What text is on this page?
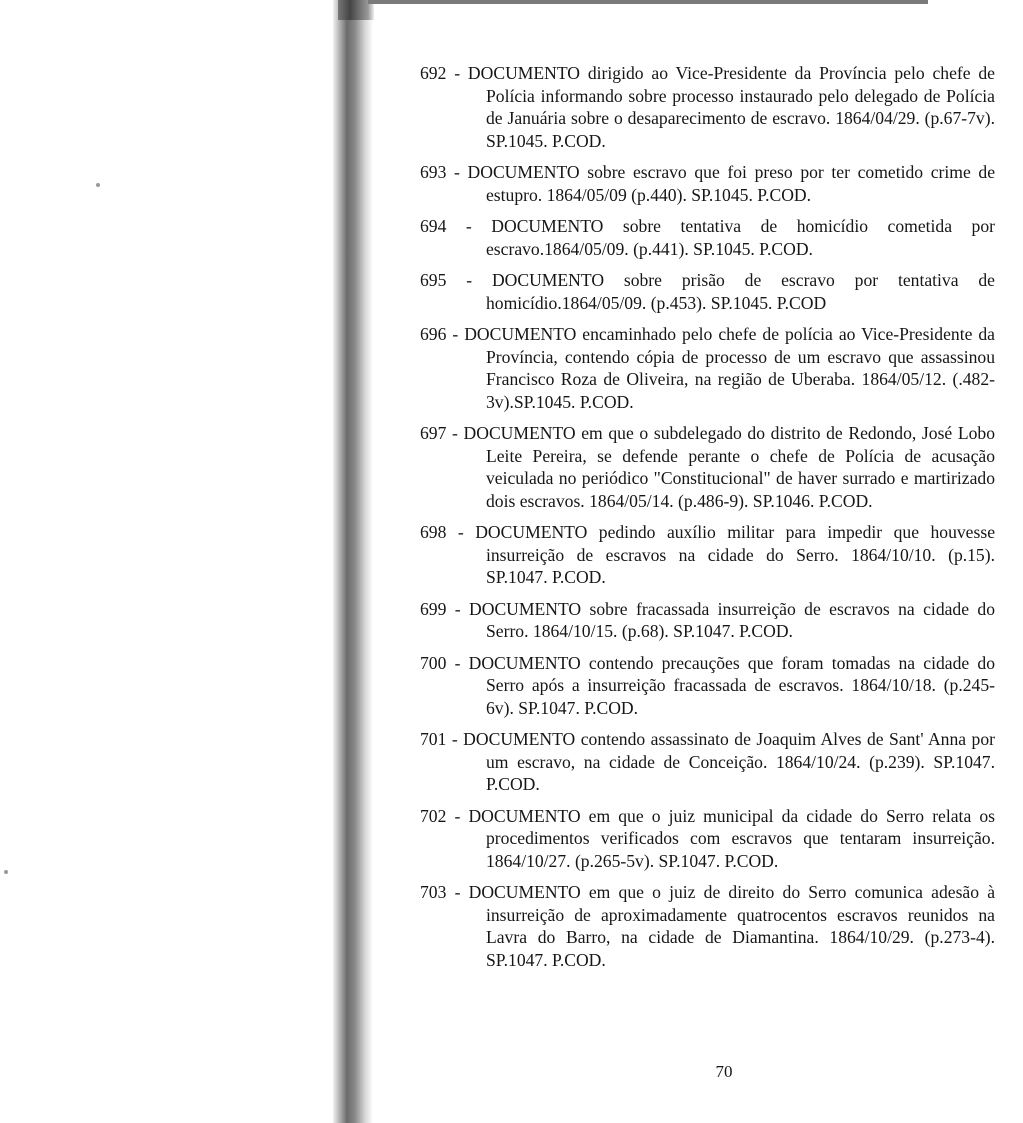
692 - DOCUMENTO dirigido ao Vice-Presidente da Província pelo chefe de Polícia informando sobre processo instaurado pelo delegado de Polícia de Januária sobre o desaparecimento de escravo. 1864/04/29. (p.67-7v). SP.1045. P.COD.

693 - DOCUMENTO sobre escravo que foi preso por ter cometido crime de estupro. 1864/05/09 (p.440). SP.1045. P.COD.

694 - DOCUMENTO sobre tentativa de homicídio cometida por escravo.1864/05/09. (p.441). SP.1045. P.COD.

695 - DOCUMENTO sobre prisão de escravo por tentativa de homicídio.1864/05/09. (p.453). SP.1045. P.COD

696 - DOCUMENTO encaminhado pelo chefe de polícia ao Vice-Presidente da Província, contendo cópia de processo de um escravo que assassinou Francisco Roza de Oliveira, na região de Uberaba. 1864/05/12. (.482-3v).SP.1045. P.COD.

697 - DOCUMENTO em que o subdelegado do distrito de Redondo, José Lobo Leite Pereira, se defende perante o chefe de Polícia de acusação veiculada no periódico "Constitucional" de haver surrado e martirizado dois escravos. 1864/05/14. (p.486-9). SP.1046. P.COD.

698 - DOCUMENTO pedindo auxílio militar para impedir que houvesse insurreição de escravos na cidade do Serro. 1864/10/10. (p.15). SP.1047. P.COD.

699 - DOCUMENTO sobre fracassada insurreição de escravos na cidade do Serro. 1864/10/15. (p.68). SP.1047. P.COD.

700 - DOCUMENTO contendo precauções que foram tomadas na cidade do Serro após a insurreição fracassada de escravos. 1864/10/18. (p.245-6v). SP.1047. P.COD.

701 - DOCUMENTO contendo assassinato de Joaquim Alves de Sant' Anna por um escravo, na cidade de Conceição. 1864/10/24. (p.239). SP.1047. P.COD.

702 - DOCUMENTO em que o juiz municipal da cidade do Serro relata os procedimentos verificados com escravos que tentaram insurreição. 1864/10/27. (p.265-5v). SP.1047. P.COD.

703 - DOCUMENTO em que o juiz de direito do Serro comunica adesão à insurreição de aproximadamente quatrocentos escravos reunidos na Lavra do Barro, na cidade de Diamantina. 1864/10/29. (p.273-4). SP.1047. P.COD.

70
